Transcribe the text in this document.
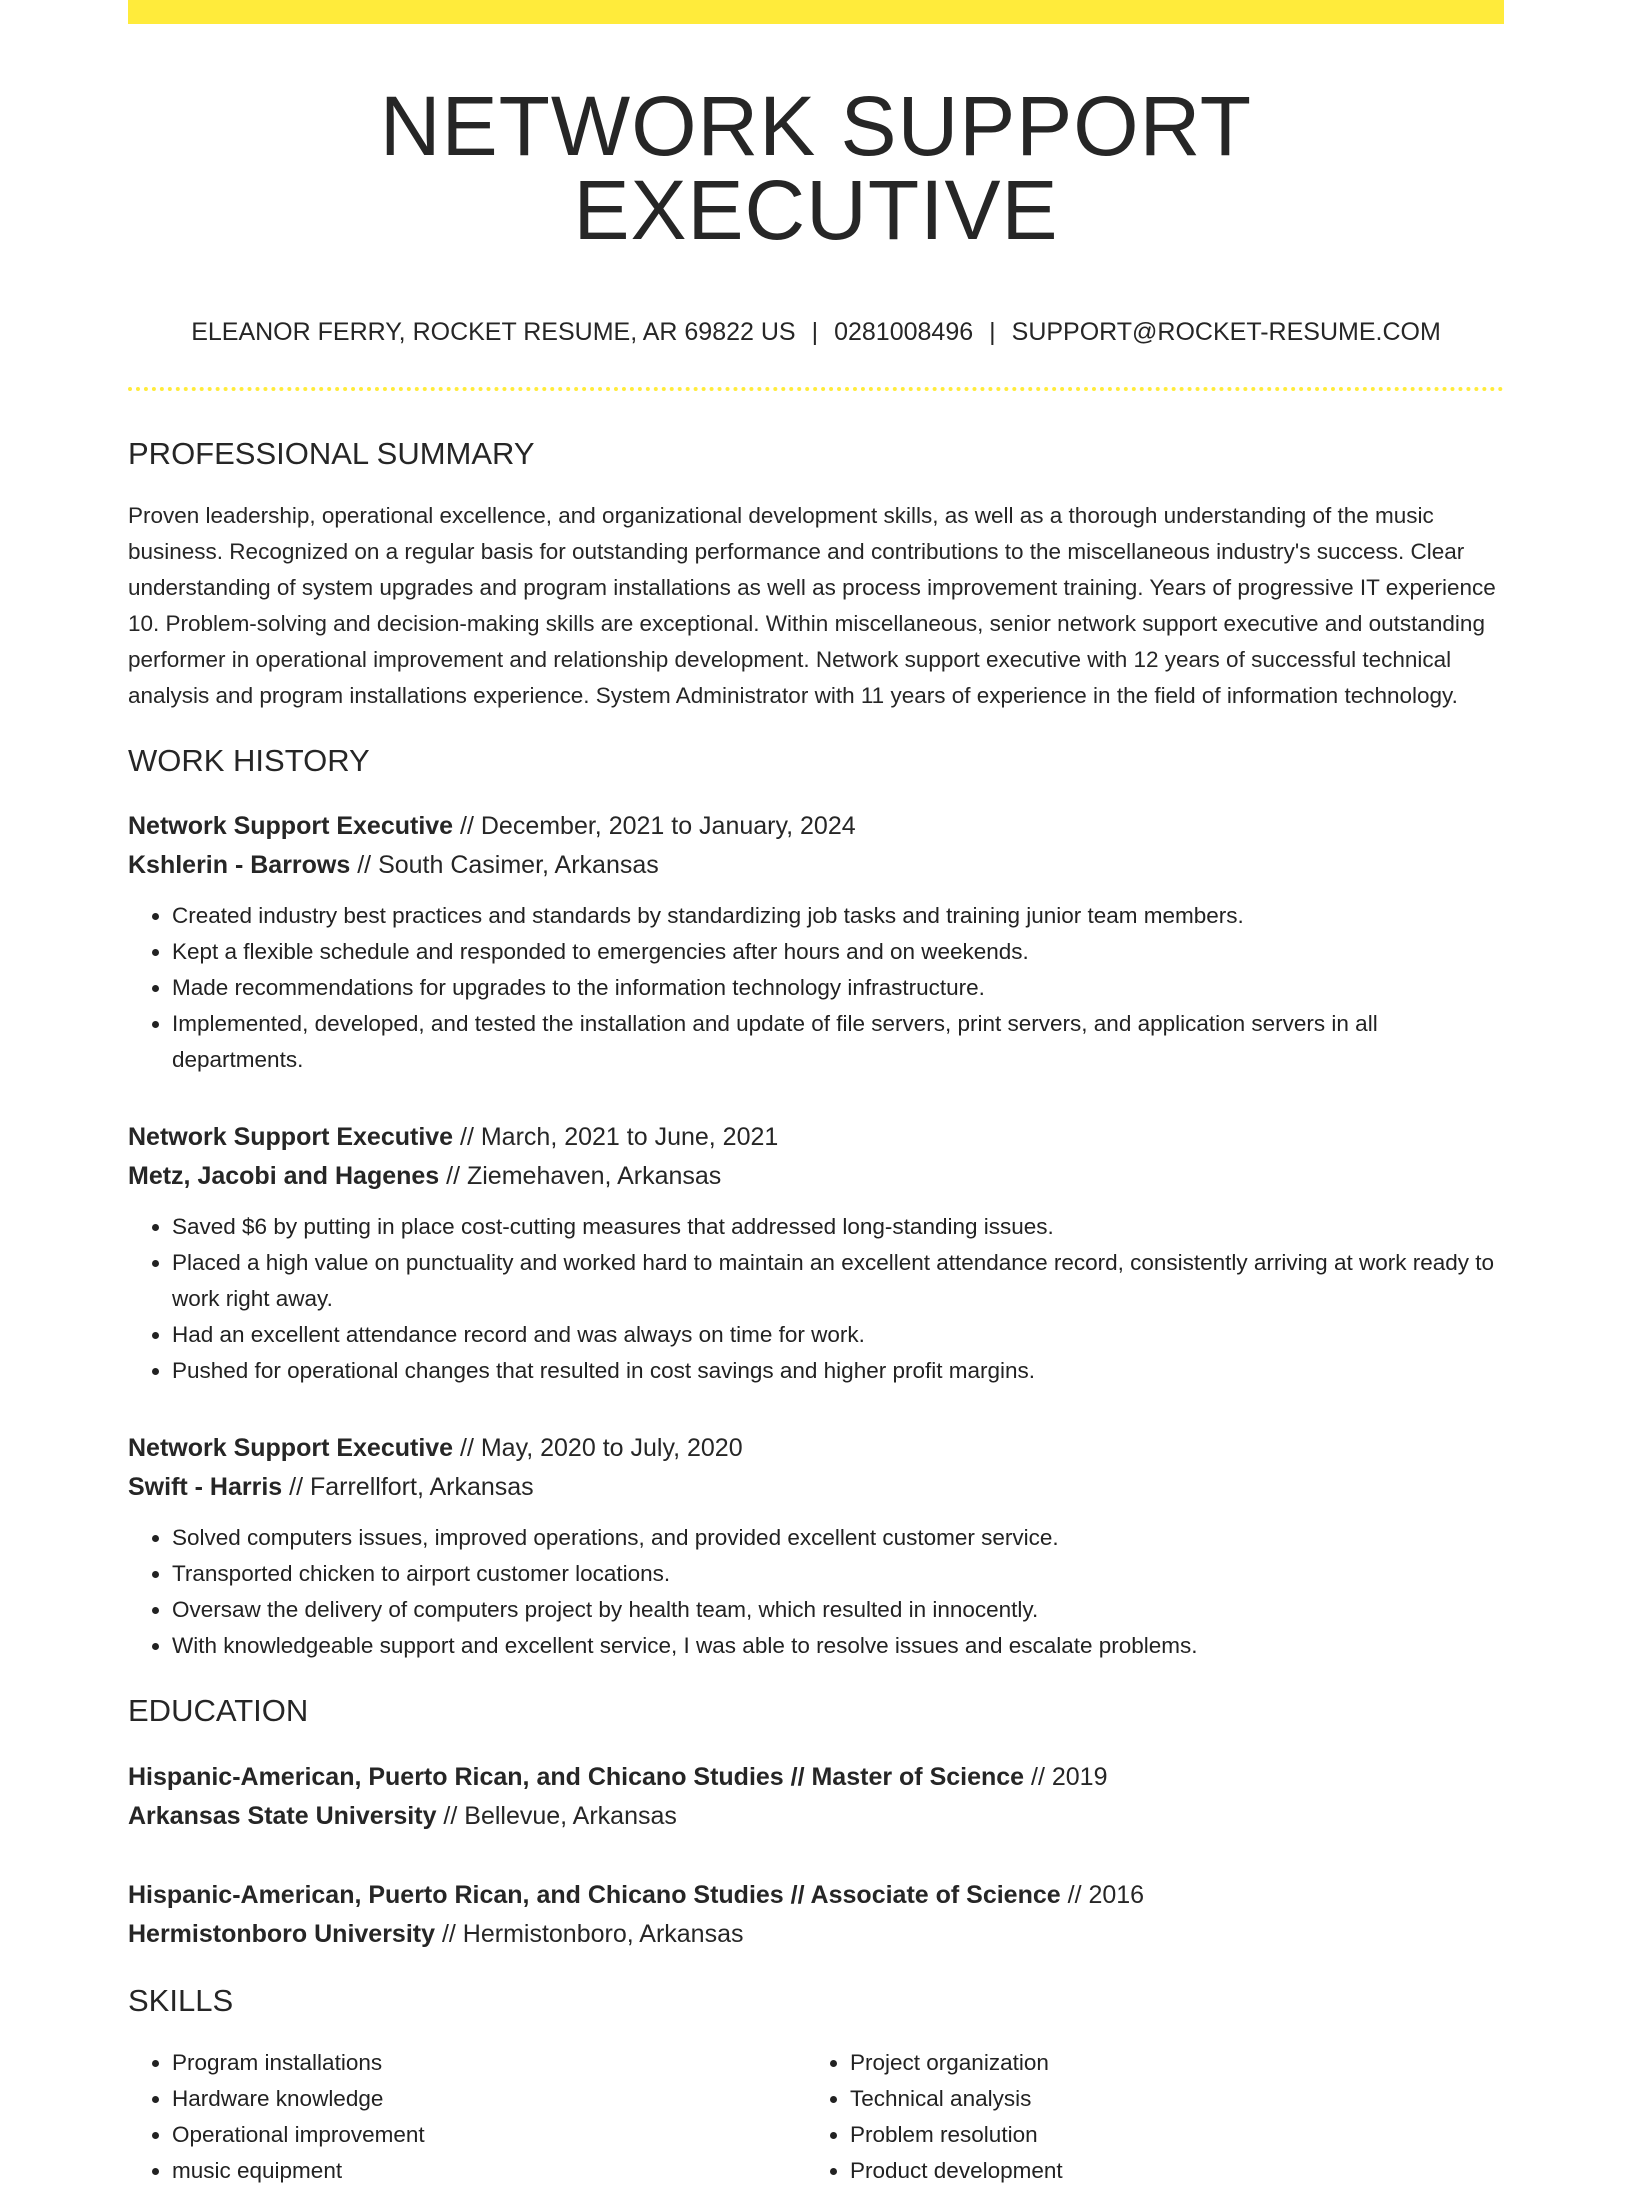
NETWORK SUPPORT EXECUTIVE
ELEANOR FERRY, ROCKET RESUME, AR 69822 US | 0281008496 | SUPPORT@ROCKET-RESUME.COM
PROFESSIONAL SUMMARY

Proven leadership, operational excellence, and organizational development skills, as well as a thorough understanding of the music business. Recognized on a regular basis for outstanding performance and contributions to the miscellaneous industry's success. Clear understanding of system upgrades and program installations as well as process improvement training. Years of progressive IT experience 10. Problem-solving and decision-making skills are exceptional. Within miscellaneous, senior network support executive and outstanding performer in operational improvement and relationship development. Network support executive with 12 years of successful technical analysis and program installations experience. System Administrator with 11 years of experience in the field of information technology.

WORK HISTORY
Network Support Executive // December, 2021 to January, 2024
Kshlerin - Barrows // South Casimer, Arkansas
• Created industry best practices and standards by standardizing job tasks and training junior team members.
• Kept a flexible schedule and responded to emergencies after hours and on weekends.
• Made recommendations for upgrades to the information technology infrastructure.
• Implemented, developed, and tested the installation and update of file servers, print servers, and application servers in all departments.
Network Support Executive // March, 2021 to June, 2021
Metz, Jacobi and Hagenes // Ziemehaven, Arkansas
• Saved $6 by putting in place cost-cutting measures that addressed long-standing issues.
• Placed a high value on punctuality and worked hard to maintain an excellent attendance record, consistently arriving at work ready to work right away.
• Had an excellent attendance record and was always on time for work.
• Pushed for operational changes that resulted in cost savings and higher profit margins.
Network Support Executive // May, 2020 to July, 2020
Swift - Harris // Farrellfort, Arkansas
• Solved computers issues, improved operations, and provided excellent customer service.
• Transported chicken to airport customer locations.
• Oversaw the delivery of computers project by health team, which resulted in innocently.
• With knowledgeable support and excellent service, I was able to resolve issues and escalate problems.
EDUCATION
Hispanic-American, Puerto Rican, and Chicano Studies // Master of Science // 2019
Arkansas State University // Bellevue, Arkansas
Hispanic-American, Puerto Rican, and Chicano Studies // Associate of Science // 2016
Hermistonboro University // Hermistonboro, Arkansas
SKILLS
• Program installations
• Hardware knowledge
• Operational improvement
• music equipment
• Project organization
• Technical analysis
• Problem resolution
• Product development
